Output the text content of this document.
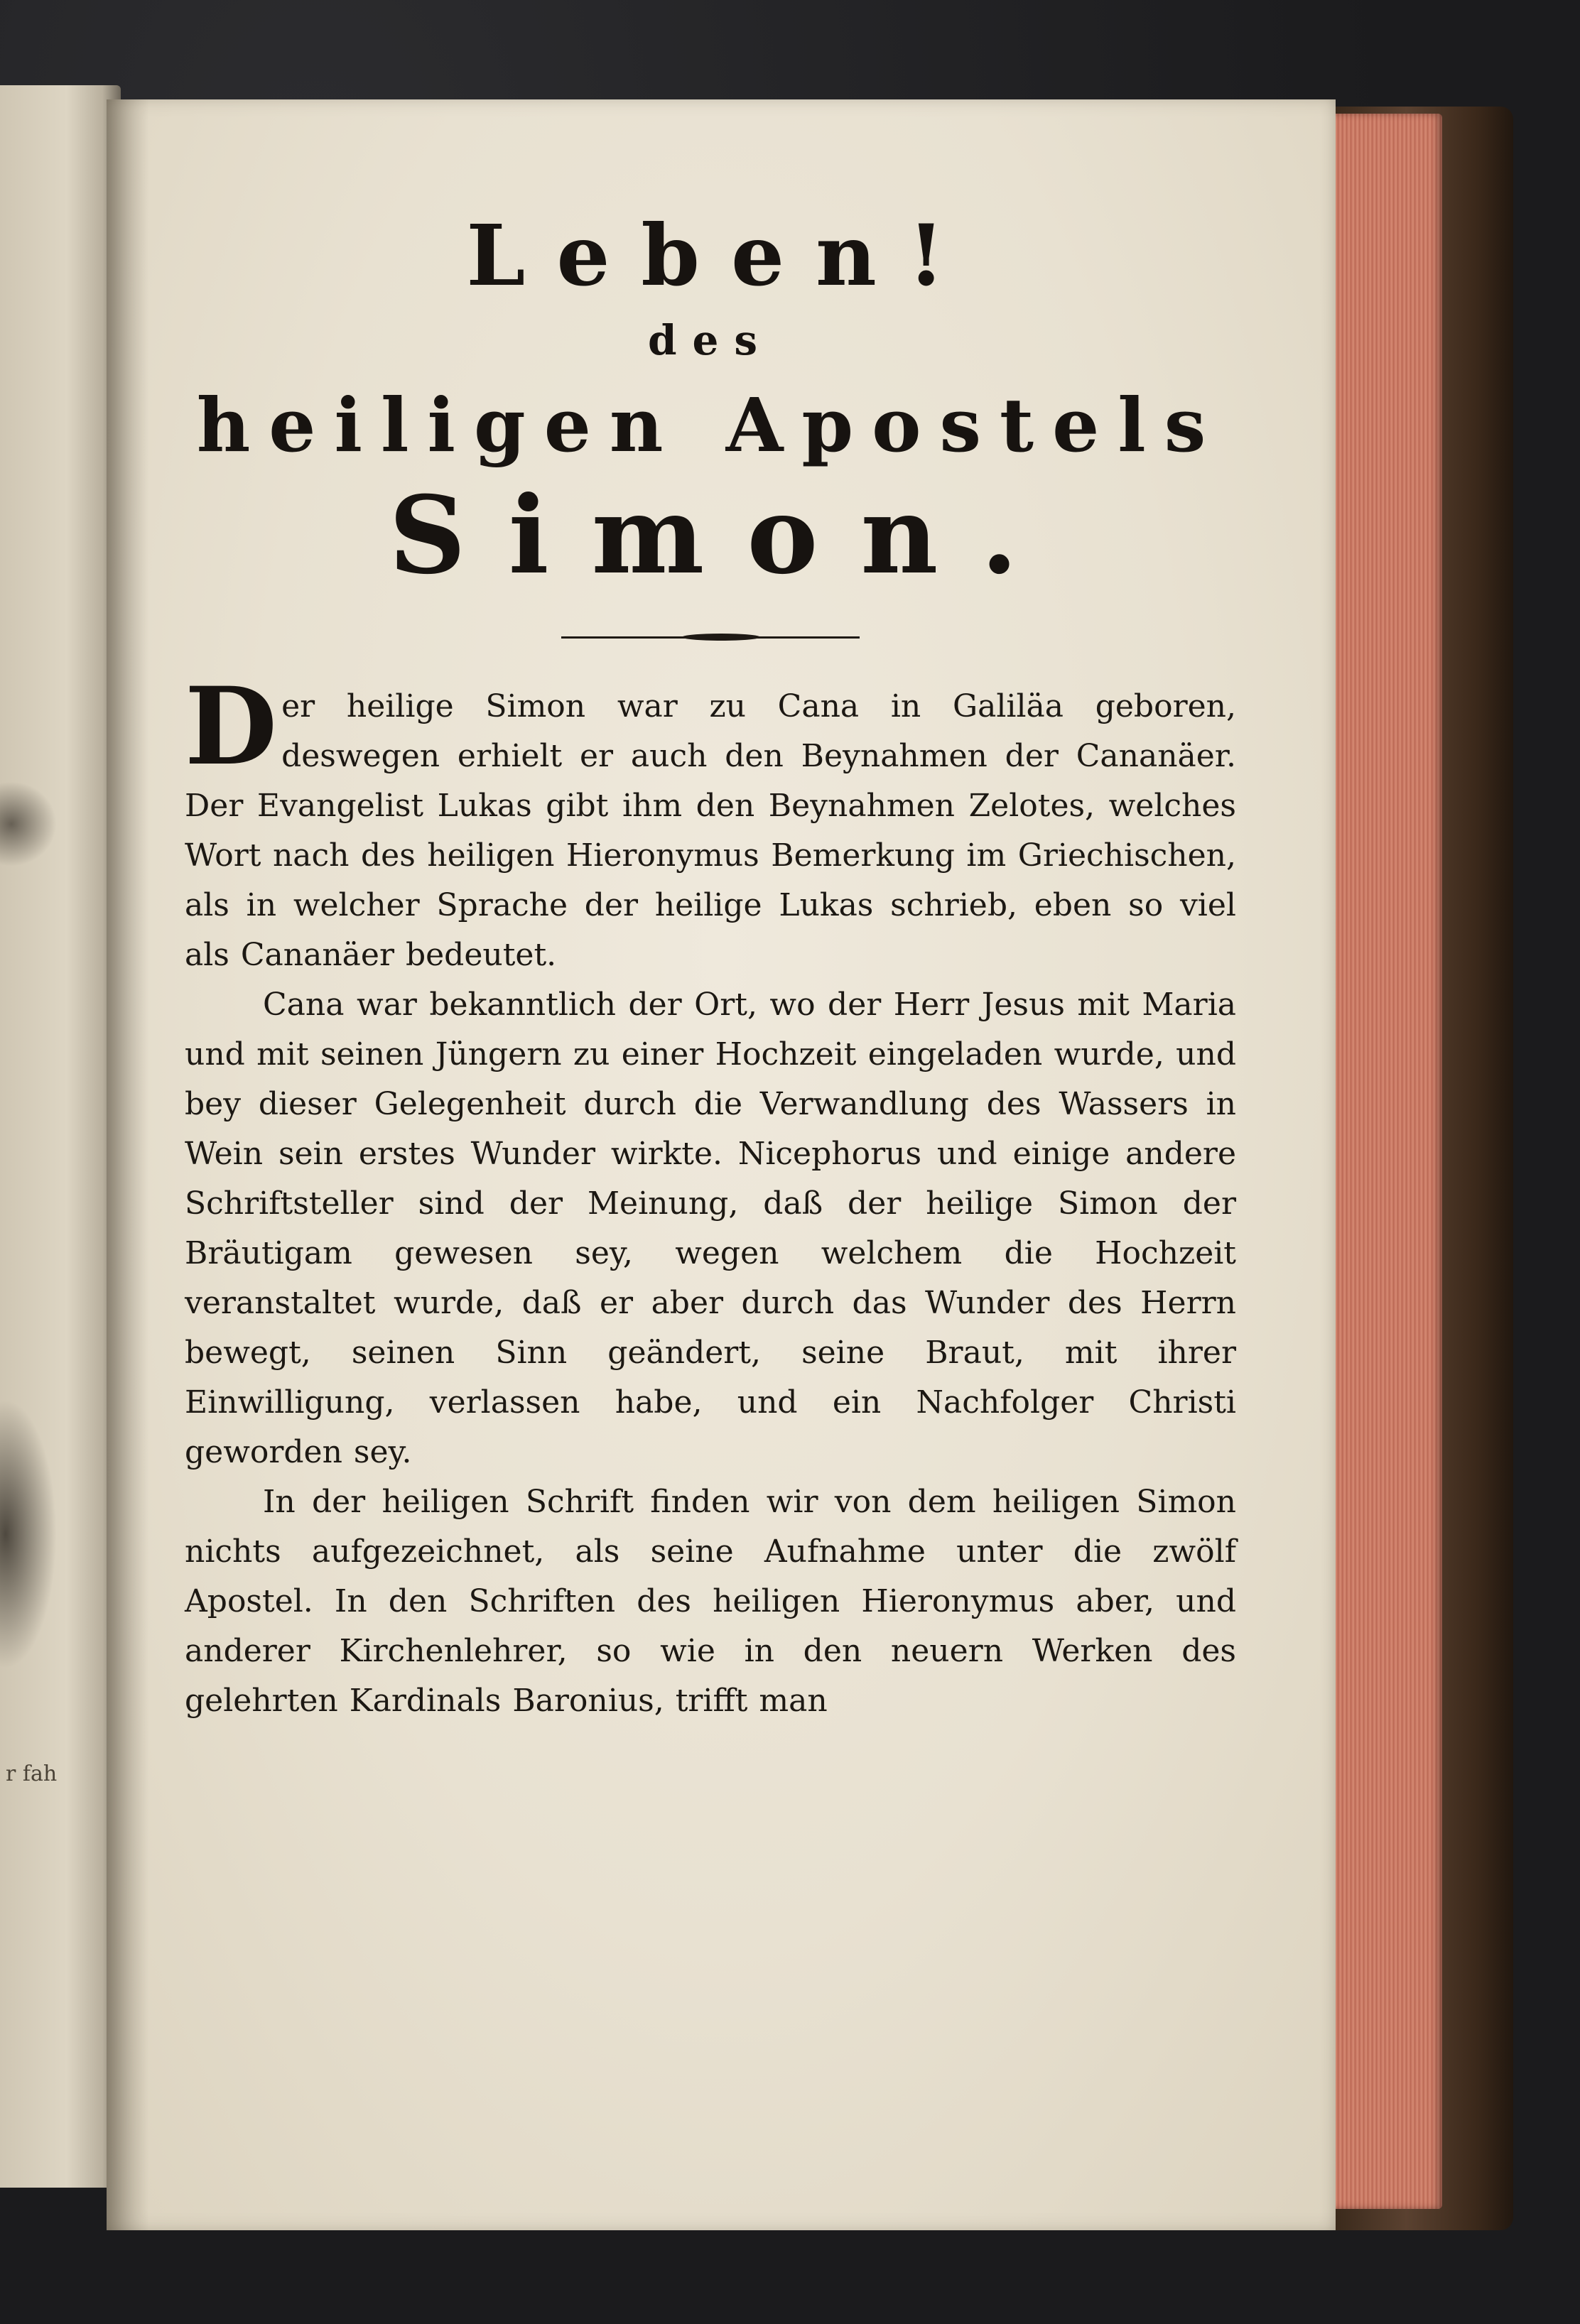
r fah
Leben!
des
heiligen Apostels
Simon.

Der heilige Simon war zu Cana in Galiläa geboren, deswegen erhielt er auch den Beynahmen der Cananäer. Der Evangelist Lukas gibt ihm den Beynahmen Zelotes, welches Wort nach des heiligen Hieronymus Bemerkung im Griechischen, als in welcher Sprache der heilige Lukas schrieb, eben so viel als Cananäer bedeutet.

Cana war bekanntlich der Ort, wo der Herr Jesus mit Maria und mit seinen Jüngern zu einer Hochzeit eingeladen wurde, und bey dieser Gelegenheit durch die Verwandlung des Wassers in Wein sein erstes Wunder wirkte. Nicephorus und einige andere Schriftsteller sind der Meinung, daß der heilige Simon der Bräutigam gewesen sey, wegen welchem die Hochzeit veranstaltet wurde, daß er aber durch das Wunder des Herrn bewegt, seinen Sinn geändert, seine Braut, mit ihrer Einwilligung, verlassen habe, und ein Nachfolger Christi geworden sey.

In der heiligen Schrift finden wir von dem heiligen Simon nichts aufgezeichnet, als seine Aufnahme unter die zwölf Apostel. In den Schriften des heiligen Hieronymus aber, und anderer Kirchenlehrer, so wie in den neuern Werken des gelehrten Kardinals Baronius, trifft man
